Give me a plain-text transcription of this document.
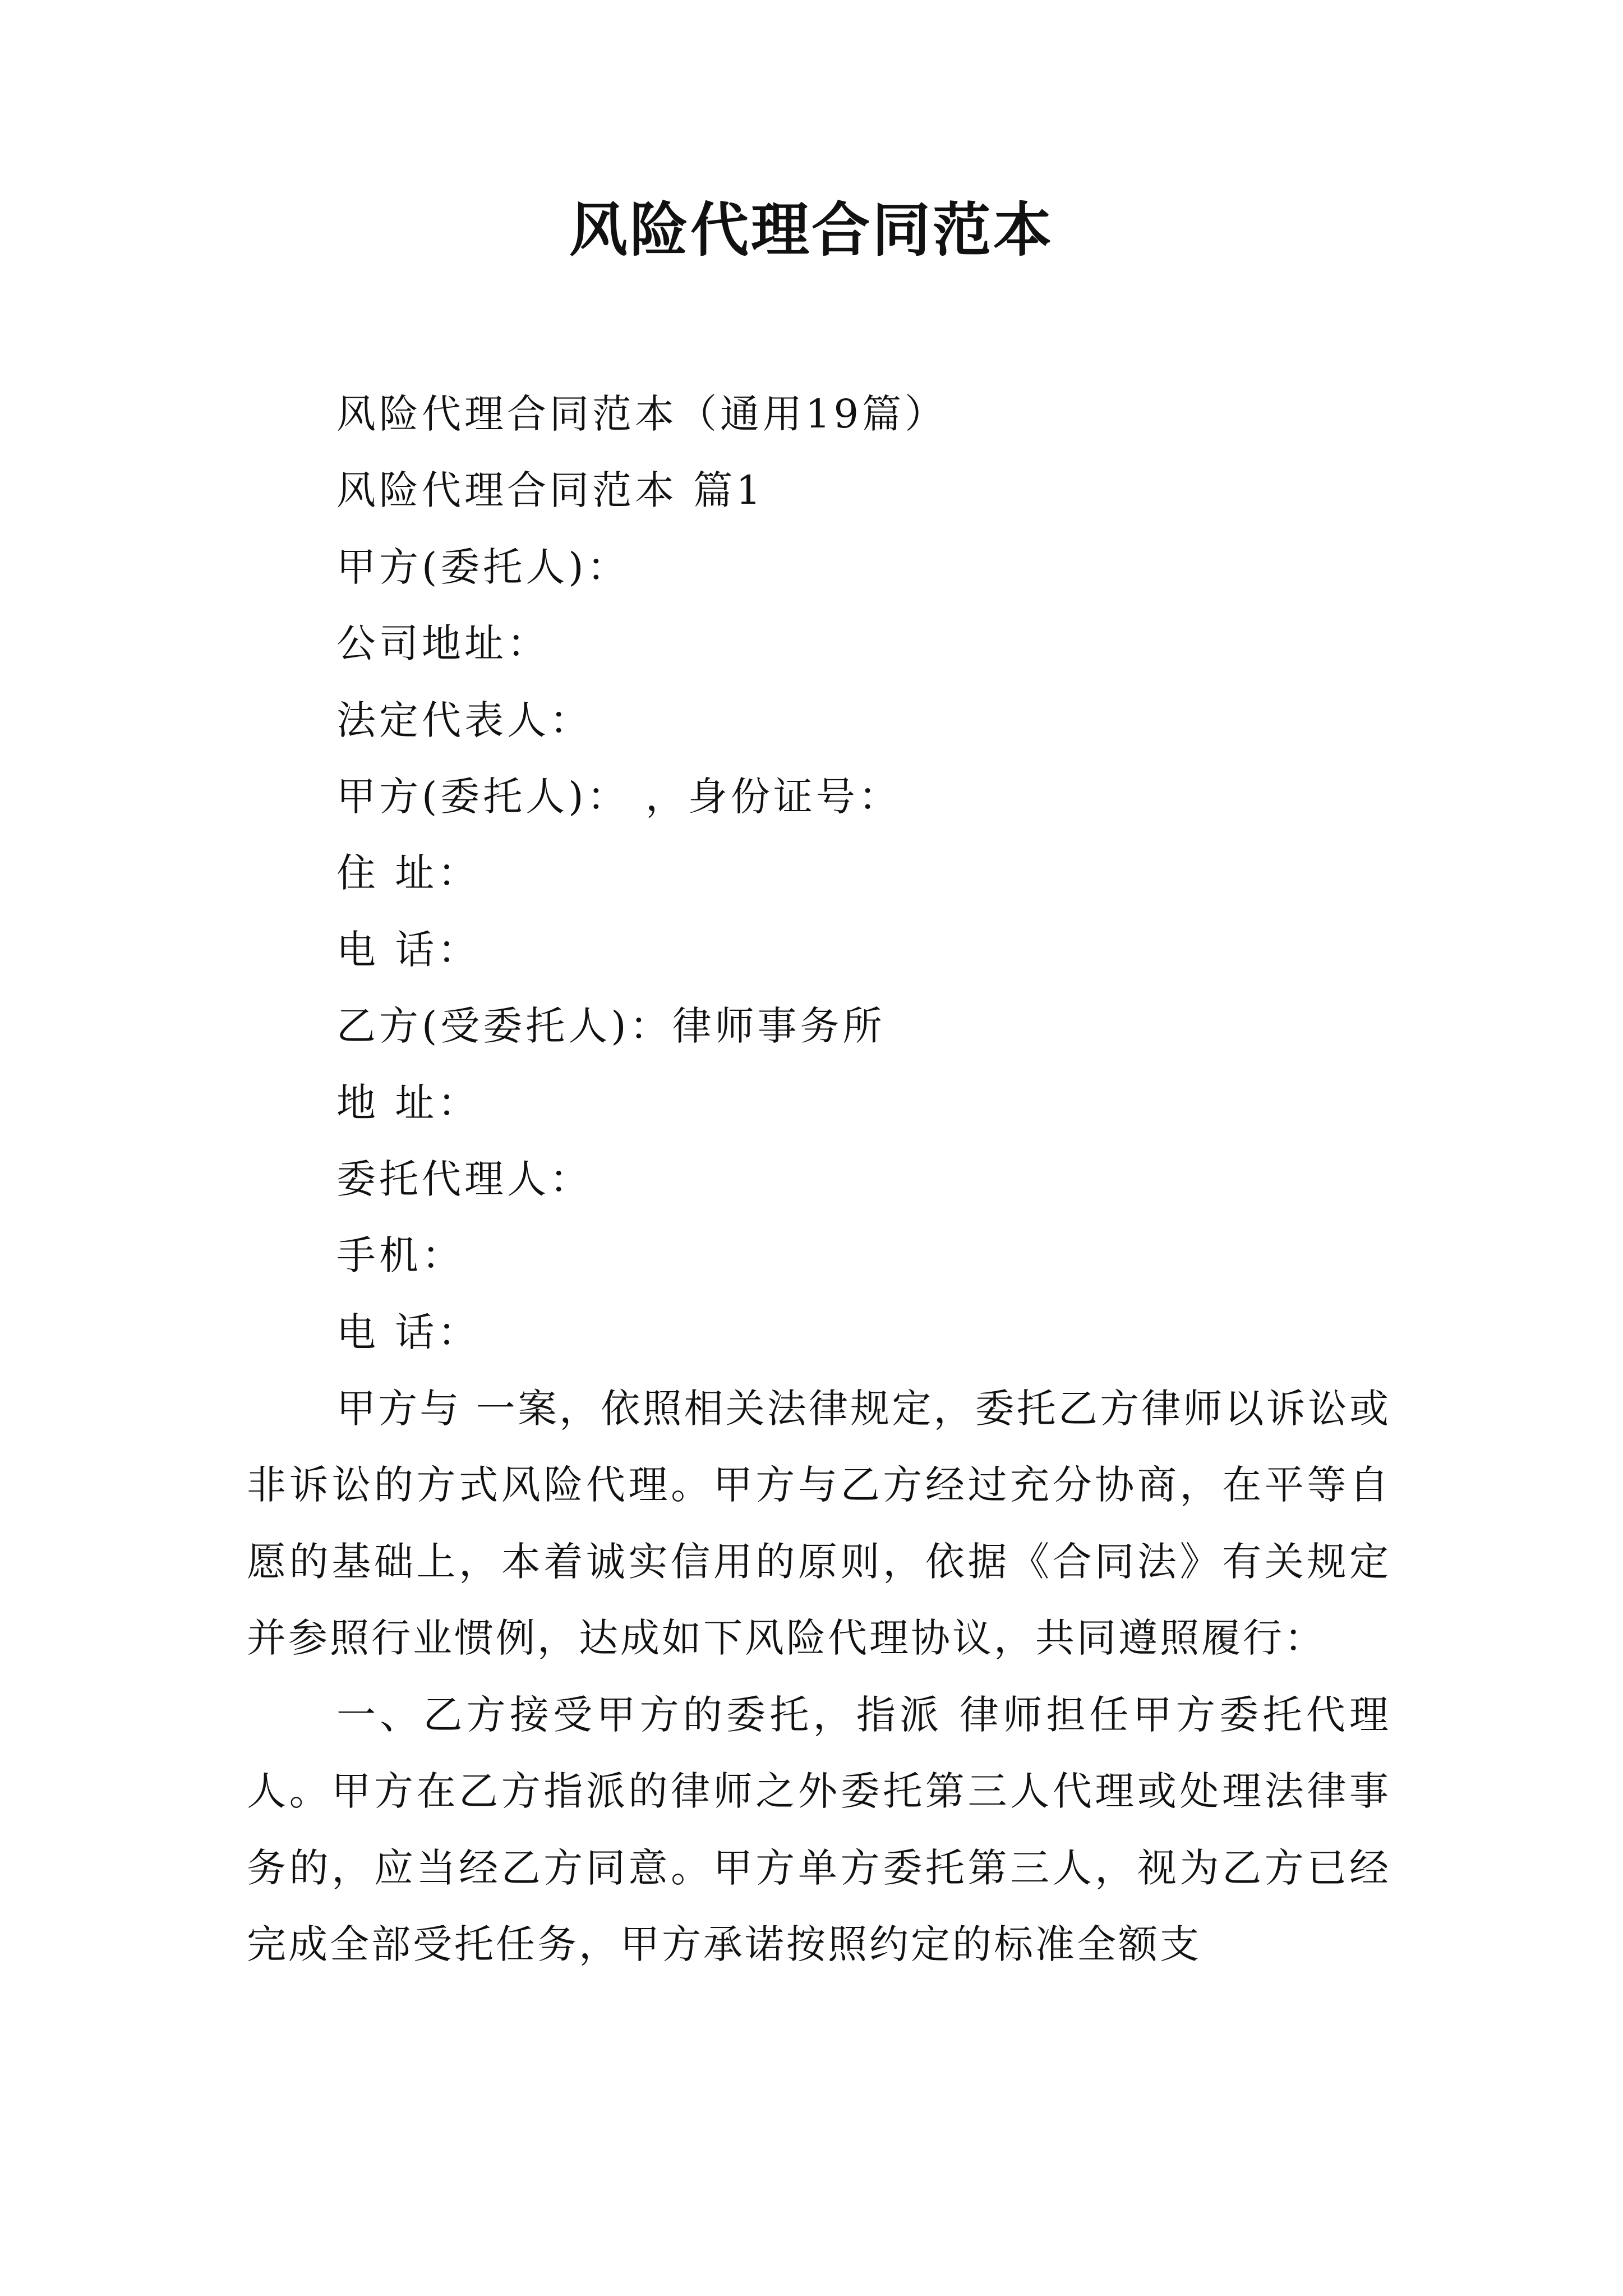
风险代理合同范本
风险代理合同范本（通用19篇）
风险代理合同范本 篇1
甲方(委托人)：
公司地址：
法定代表人：
甲方(委托人)： ，身份证号：
住 址：
电 话：
乙方(受委托人)：律师事务所
地 址：
委托代理人：
手机：
电 话：

甲方与 一案，依照相关法律规定，委托乙方律师以诉讼或非诉讼的方式风险代理。甲方与乙方经过充分协商，在平等自愿的基础上，本着诚实信用的原则，依据《合同法》有关规定并参照行业惯例，达成如下风险代理协议，共同遵照履行：

一、乙方接受甲方的委托，指派 律师担任甲方委托代理人。甲方在乙方指派的律师之外委托第三人代理或处理法律事务的，应当经乙方同意。甲方单方委托第三人，视为乙方已经完成全部受托任务，甲方承诺按照约定的标准全额支
